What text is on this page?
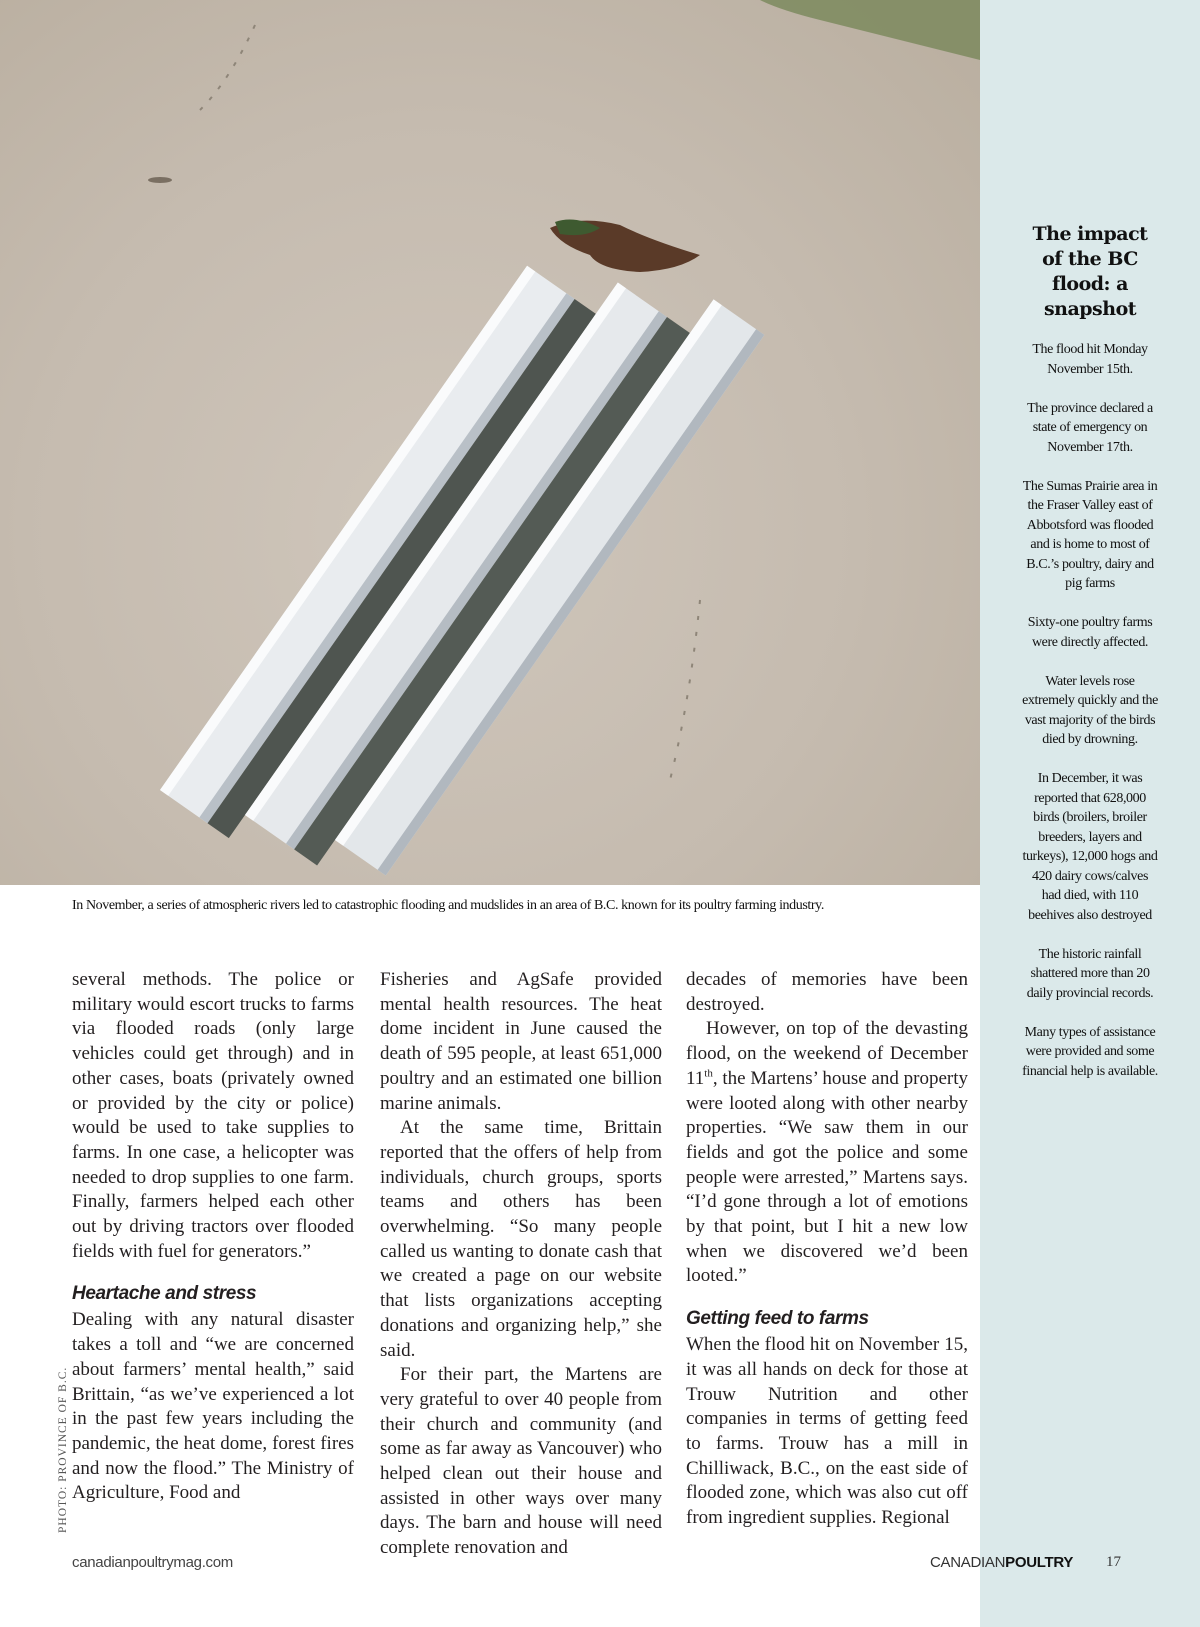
PHOTO: PROVINCE OF B.C.
In November, a series of atmospheric rivers led to catastrophic flooding and mudslides in an area of B.C. known for its poultry farming industry.
The impact of the BC flood: a snapshot

The flood hit Monday November 15th.

The province declared a state of emergency on November 17th.

The Sumas Prairie area in the Fraser Valley east of Abbotsford was flooded and is home to most of B.C.’s poultry, dairy and pig farms

Sixty-one poultry farms were directly affected.

Water levels rose extremely quickly and the vast majority of the birds died by drowning.

In December, it was reported that 628,000 birds (broilers, broiler breeders, layers and turkeys), 12,000 hogs and 420 dairy cows/calves had died, with 110 beehives also destroyed

The historic rainfall shattered more than 20 daily provincial records.

Many types of assistance were provided and some financial help is available.

several methods. The police or military would escort trucks to farms via flooded roads (only large vehicles could get through) and in other cases, boats (privately owned or provided by the city or police) would be used to take supplies to farms. In one case, a helicopter was needed to drop supplies to one farm. Finally, farmers helped each other out by driving tractors over flooded fields with fuel for generators.”

Heartache and stress

Dealing with any natural disaster takes a toll and “we are concerned about farmers’ mental health,” said Brittain, “as we’ve experienced a lot in the past few years including the pandemic, the heat dome, forest fires and now the flood.” The Ministry of Agriculture, Food and

Fisheries and AgSafe provided mental health resources. The heat dome incident in June caused the death of 595 people, at least 651,000 poultry and an estimated one billion marine animals.

At the same time, Brittain reported that the offers of help from individuals, church groups, sports teams and others has been overwhelming. “So many people called us wanting to donate cash that we created a page on our website that lists organizations accepting donations and organizing help,” she said.

For their part, the Martens are very grateful to over 40 people from their church and community (and some as far away as Vancouver) who helped clean out their house and assisted in other ways over many days. The barn and house will need complete renovation and

decades of memories have been destroyed.

However, on top of the devasting flood, on the weekend of December 11th, the Martens’ house and property were looted along with other nearby properties. “We saw them in our fields and got the police and some people were arrested,” Martens says. “I’d gone through a lot of emotions by that point, but I hit a new low when we discovered we’d been looted.”

Getting feed to farms

When the flood hit on November 15, it was all hands on deck for those at Trouw Nutrition and other companies in terms of getting feed to farms. Trouw has a mill in Chilliwack, B.C., on the east side of flooded zone, which was also cut off from ingredient supplies. Regional

canadianpoultrymag.com	CANADIANPOULTRY 17
